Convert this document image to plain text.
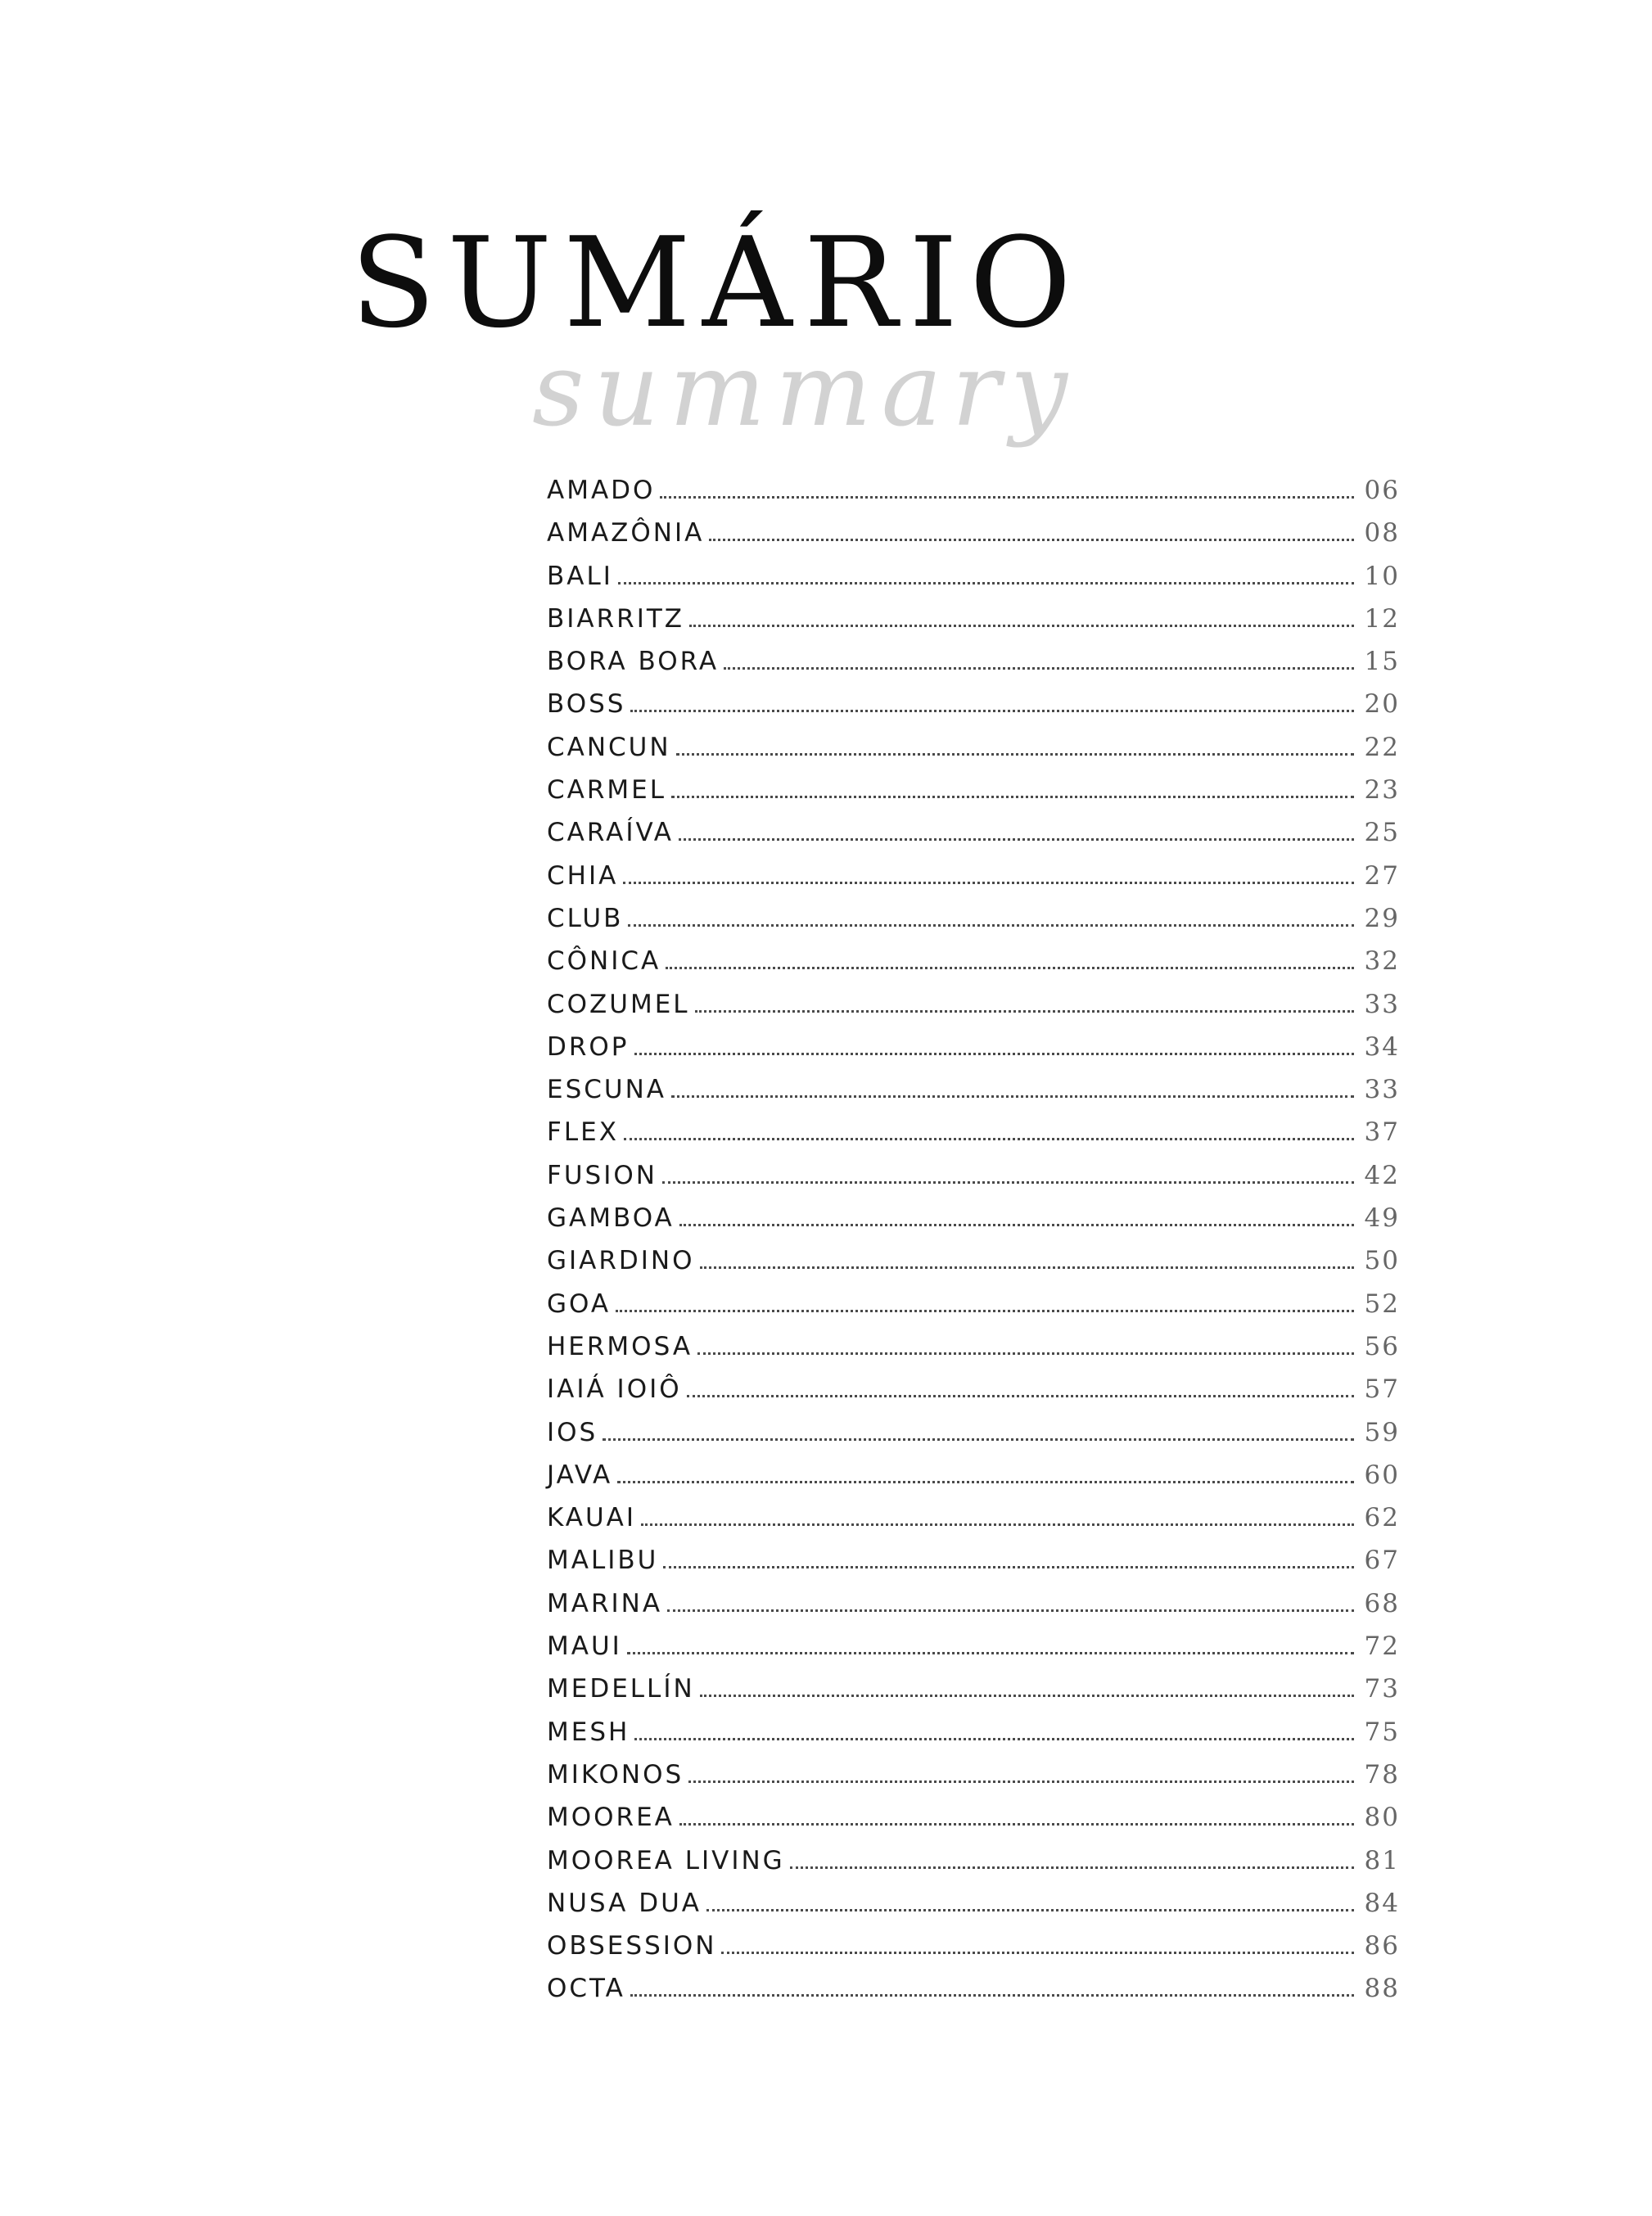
SUMÁRIO
summary
AMADO	06
AMAZÔNIA	08
BALI	10
BIARRITZ	12
BORA BORA	15
BOSS	20
CANCUN	22
CARMEL	23
CARAÍVA	25
CHIA	27
CLUB	29
CÔNICA	32
COZUMEL	33
DROP	34
ESCUNA	33
FLEX	37
FUSION	42
GAMBOA	49
GIARDINO	50
GOA	52
HERMOSA	56
IAIÁ IOIÔ	57
IOS	59
JAVA	60
KAUAI	62
MALIBU	67
MARINA	68
MAUI	72
MEDELLÍN	73
MESH	75
MIKONOS	78
MOOREA	80
MOOREA LIVING	81
NUSA DUA	84
OBSESSION	86
OCTA	88
